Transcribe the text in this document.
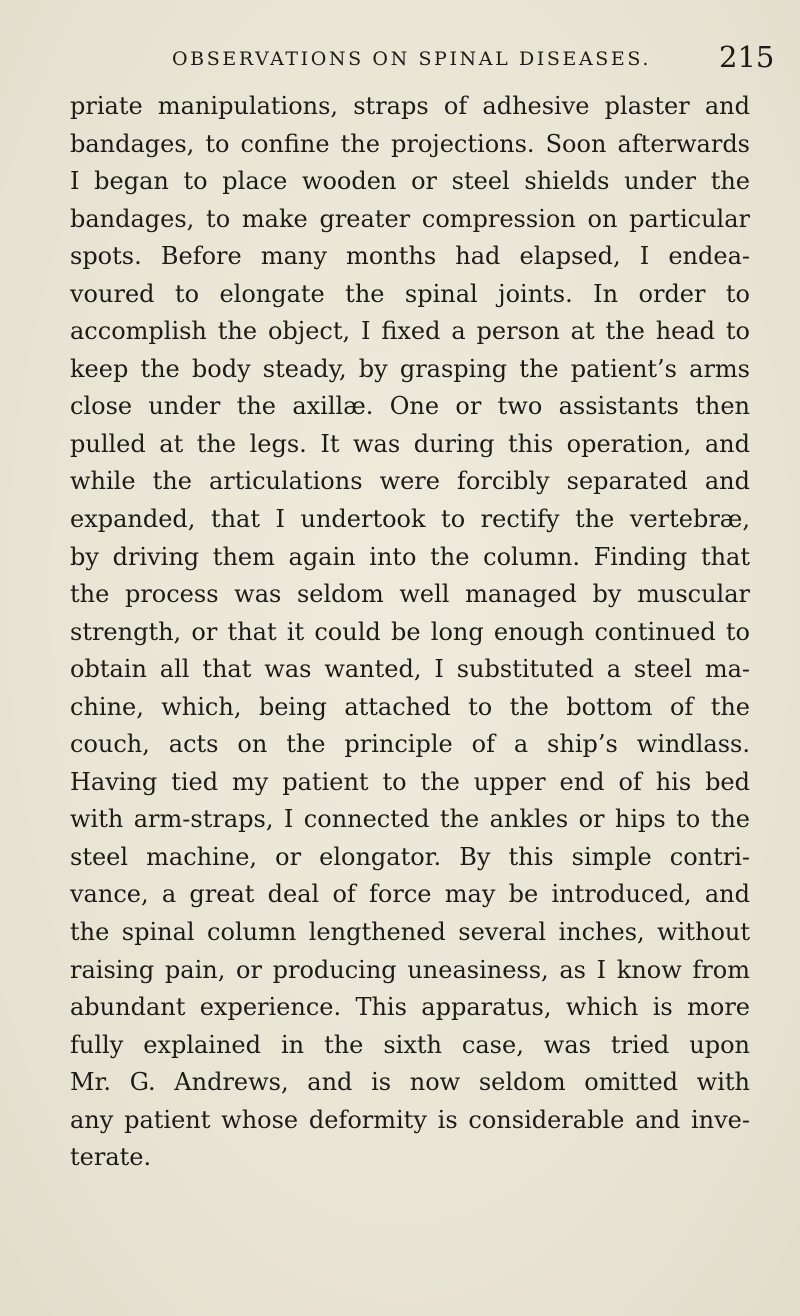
OBSERVATIONS ON SPINAL DISEASES. 215
priate manipulations, straps of adhesive plaster and
bandages, to confine the projections. Soon afterwards
I began to place wooden or steel shields under the
bandages, to make greater compression on particular
spots. Before many months had elapsed, I endea-
voured to elongate the spinal joints. In order to
accomplish the object, I fixed a person at the head to
keep the body steady, by grasping the patient’s arms
close under the axillæ. One or two assistants then
pulled at the legs. It was during this operation, and
while the articulations were forcibly separated and
expanded, that I undertook to rectify the vertebræ,
by driving them again into the column. Finding that
the process was seldom well managed by muscular
strength, or that it could be long enough continued to
obtain all that was wanted, I substituted a steel ma-
chine, which, being attached to the bottom of the
couch, acts on the principle of a ship’s windlass.
Having tied my patient to the upper end of his bed
with arm-straps, I connected the ankles or hips to the
steel machine, or elongator. By this simple contri-
vance, a great deal of force may be introduced, and
the spinal column lengthened several inches, without
raising pain, or producing uneasiness, as I know from
abundant experience. This apparatus, which is more
fully explained in the sixth case, was tried upon
Mr. G. Andrews, and is now seldom omitted with
any patient whose deformity is considerable and inve-
terate.
